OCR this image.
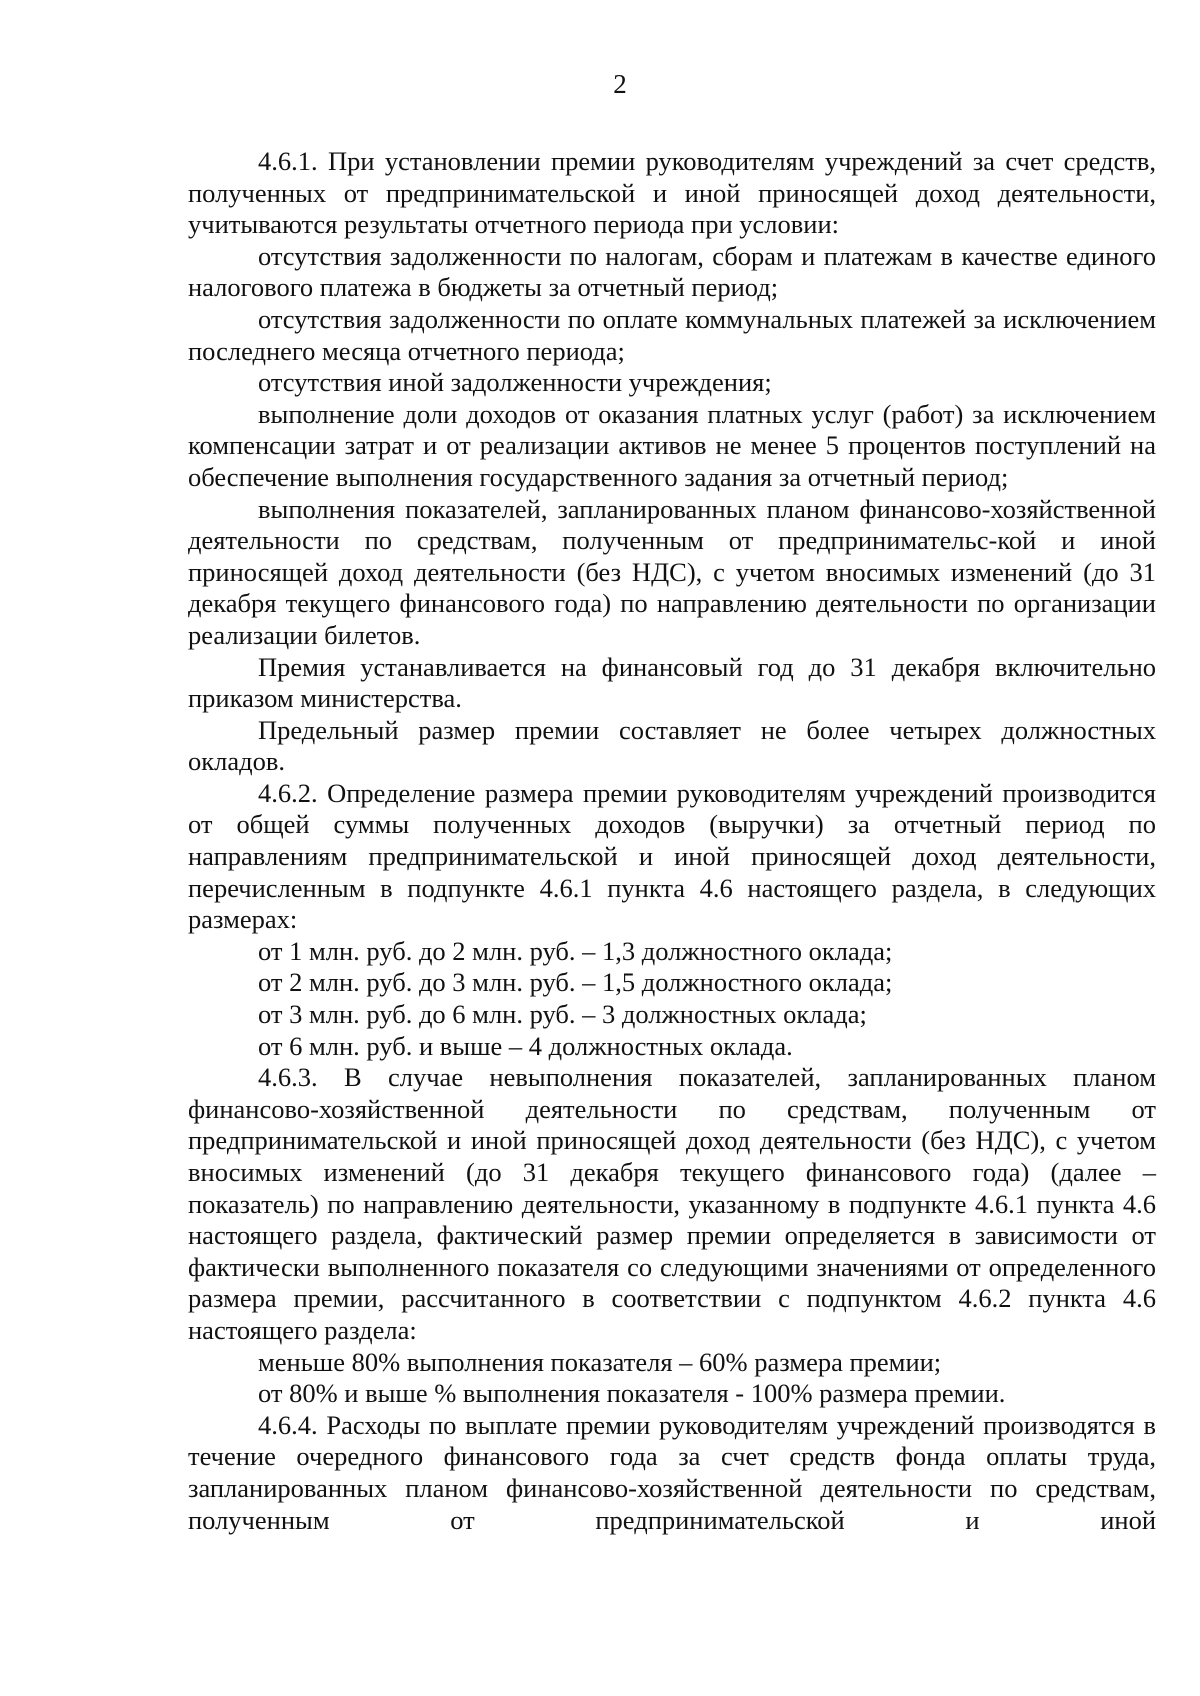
2

4.6.1. При установлении премии руководителям учреждений за счет средств, полученных от предпринимательской и иной приносящей доход деятельности, учитываются результаты отчетного периода при условии:

отсутствия задолженности по налогам, сборам и платежам в качестве единого налогового платежа в бюджеты за отчетный период;

отсутствия задолженности по оплате коммунальных платежей за исключением последнего месяца отчетного периода;

отсутствия иной задолженности учреждения;

выполнение доли доходов от оказания платных услуг (работ) за исключением компенсации затрат и от реализации активов не менее 5 процентов поступлений на обеспечение выполнения государственного задания за отчетный период;

выполнения показателей, запланированных планом финансово-хозяйственной деятельности по средствам, полученным от предпринимательс-кой и иной приносящей доход деятельности (без НДС), с учетом вносимых изменений (до 31 декабря текущего финансового года) по направлению деятельности по организации реализации билетов.

Премия устанавливается на финансовый год до 31 декабря включительно приказом министерства.

Предельный размер премии составляет не более четырех должностных окладов.

4.6.2. Определение размера премии руководителям учреждений производится от общей суммы полученных доходов (выручки) за отчетный период по направлениям предпринимательской и иной приносящей доход деятельности, перечисленным в подпункте 4.6.1 пункта 4.6 настоящего раздела, в следующих размерах:

от 1 млн. руб. до 2 млн. руб. – 1,3 должностного оклада;

от 2 млн. руб. до 3 млн. руб. – 1,5 должностного оклада;

от 3 млн. руб. до 6 млн. руб. – 3 должностных оклада;

от 6 млн. руб. и выше – 4 должностных оклада.

4.6.3. В случае невыполнения показателей, запланированных планом финансово-хозяйственной деятельности по средствам, полученным от предпринимательской и иной приносящей доход деятельности (без НДС), с учетом вносимых изменений (до 31 декабря текущего финансового года) (далее – показатель) по направлению деятельности, указанному в подпункте 4.6.1 пункта 4.6 настоящего раздела, фактический размер премии определяется в зависимости от фактически выполненного показателя со следующими значениями от определенного размера премии, рассчитанного в соответствии с подпунктом 4.6.2 пункта 4.6 настоящего раздела:

меньше 80% выполнения показателя – 60% размера премии;

от 80% и выше % выполнения показателя - 100% размера премии.

4.6.4. Расходы по выплате премии руководителям учреждений производятся в течение очередного финансового года за счет средств фонда оплаты труда, запланированных планом финансово-хозяйственной деятельности по средствам, полученным от предпринимательской и иной
